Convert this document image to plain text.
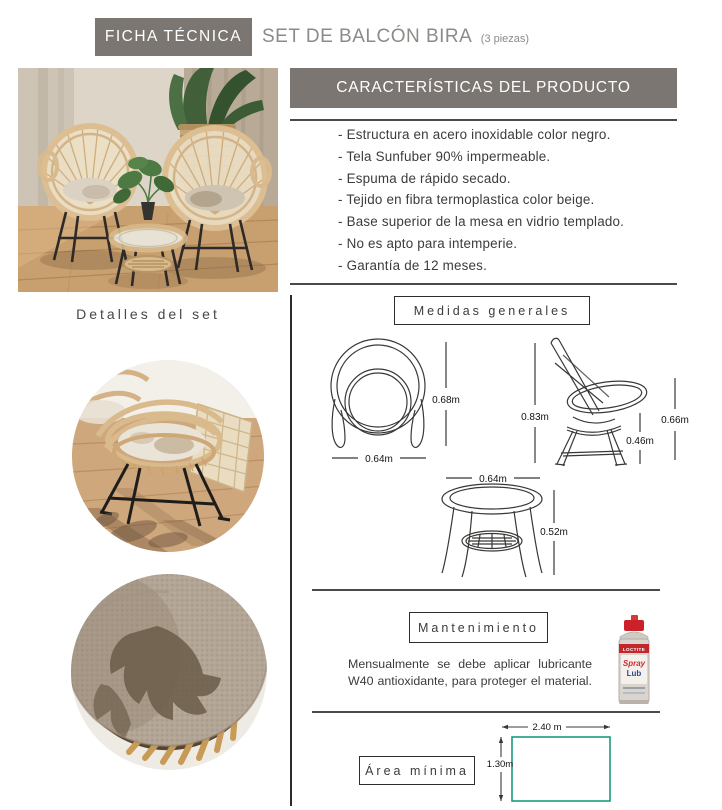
FICHA TÉCNICA	SET DE BALCÓN BIRA (3 piezas)
Detalles del set
CARACTERÍSTICAS DEL PRODUCTO
- Estructura en acero inoxidable color negro.
- Tela Sunfuber 90% impermeable.
- Espuma de rápido secado.
- Tejido en fibra termoplastica color beige.
- Base superior de la mesa en vidrio templado.
- No es apto para intemperie.
- Garantía de 12 meses.
Medidas generales
0.68m
0.64m
0.83m
0.46m
0.66m
0.64m
0.52m
Mantenimiento
Mensualmente se debe aplicar lubricante
W40 antioxidante, para proteger el material.
LOCTITE
Spray
Lub
Área mínima
2.40 m
1.30m
